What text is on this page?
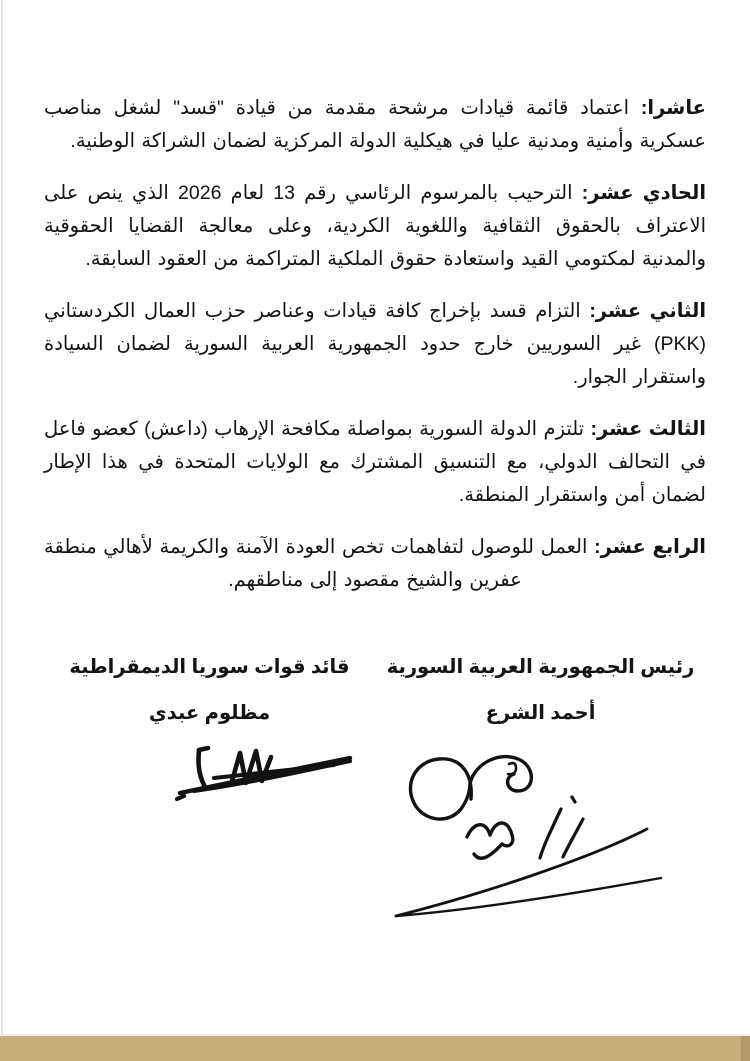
عاشرا: اعتماد قائمة قيادات مرشحة مقدمة من قيادة "قسد" لشغل مناصب عسكرية وأمنية ومدنية عليا في هيكلية الدولة المركزية لضمان الشراكة الوطنية.

الحادي عشر: الترحيب بالمرسوم الرئاسي رقم 13 لعام 2026 الذي ينص على الاعتراف بالحقوق الثقافية واللغوية الكردية، وعلى معالجة القضايا الحقوقية والمدنية لمكتومي القيد واستعادة حقوق الملكية المتراكمة من العقود السابقة.

الثاني عشر: التزام قسد بإخراج كافة قيادات وعناصر حزب العمال الكردستاني (PKK) غير السوريين خارج حدود الجمهورية العربية السورية لضمان السيادة واستقرار الجوار.

الثالث عشر: تلتزم الدولة السورية بمواصلة مكافحة الإرهاب (داعش) كعضو فاعل في التحالف الدولي، مع التنسيق المشترك مع الولايات المتحدة في هذا الإطار لضمان أمن واستقرار المنطقة.

الرابع عشر: العمل للوصول لتفاهمات تخص العودة الآمنة والكريمة لأهالي منطقة عفرين والشيخ مقصود إلى مناطقهم.

رئيس الجمهورية العربية السورية
أحمد الشرع
قائد قوات سوريا الديمقراطية
مظلوم عبدي
